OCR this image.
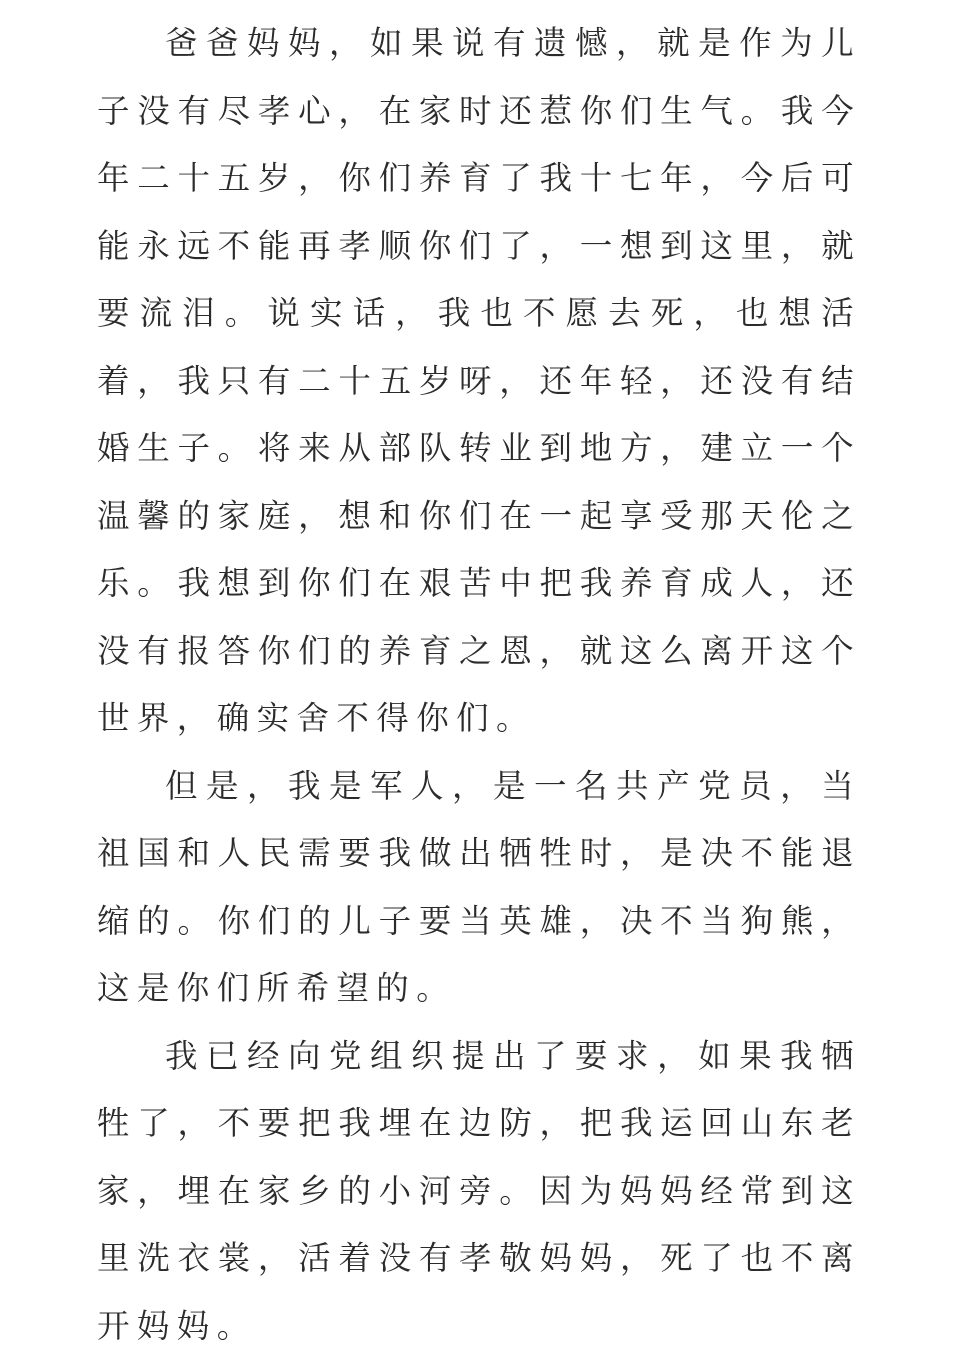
爸爸妈妈，如果说有遗憾，就是作为儿子没有尽孝心，在家时还惹你们生气。我今年二十五岁，你们养育了我十七年，今后可能永远不能再孝顺你们了，一想到这里，就要流泪。说实话，我也不愿去死，也想活着，我只有二十五岁呀，还年轻，还没有结婚生子。将来从部队转业到地方，建立一个温馨的家庭，想和你们在一起享受那天伦之乐。我想到你们在艰苦中把我养育成人，还没有报答你们的养育之恩，就这么离开这个世界，确实舍不得你们。

但是，我是军人，是一名共产党员，当祖国和人民需要我做出牺牲时，是决不能退缩的。你们的儿子要当英雄，决不当狗熊，这是你们所希望的。

我已经向党组织提出了要求，如果我牺牲了，不要把我埋在边防，把我运回山东老家，埋在家乡的小河旁。因为妈妈经常到这里洗衣裳，活着没有孝敬妈妈，死了也不离开妈妈。
